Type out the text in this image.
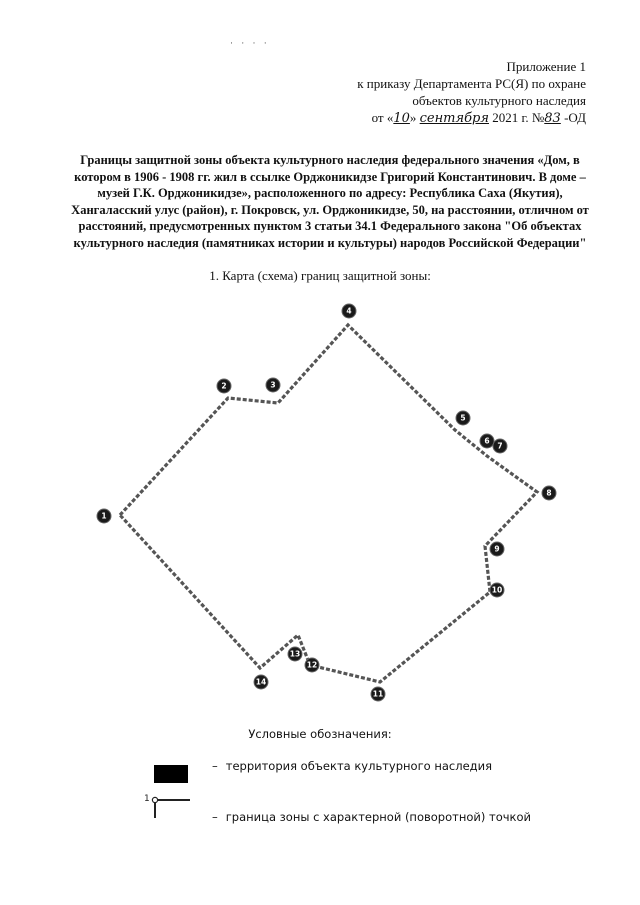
· · · ·
Приложение 1
к приказу Департамента РС(Я) по охране
объектов культурного наследия
от «10» сентября 2021 г. №83 -ОД
Границы защитной зоны объекта культурного наследия федерального значения «Дом, в котором в 1906 - 1908 гг. жил в ссылке Орджоникидзе Григорий Константинович. В доме – музей Г.К. Орджоникидзе», расположенного по адресу: Республика Саха (Якутия), Хангаласский улус (район), г. Покровск, ул. Орджоникидзе, 50, на расстоянии, отличном от расстояний, предусмотренных пунктом 3 статьи 34.1 Федерального закона "Об объектах культурного наследия (памятниках истории и культуры) народов Российской Федерации"
1. Карта (схема) границ защитной зоны:
1
2	3
4
5
6
7
8
9
10
11
12
13
14
Условные обозначения:
– территория объекта культурного наследия
1
– граница зоны с характерной (поворотной) точкой
